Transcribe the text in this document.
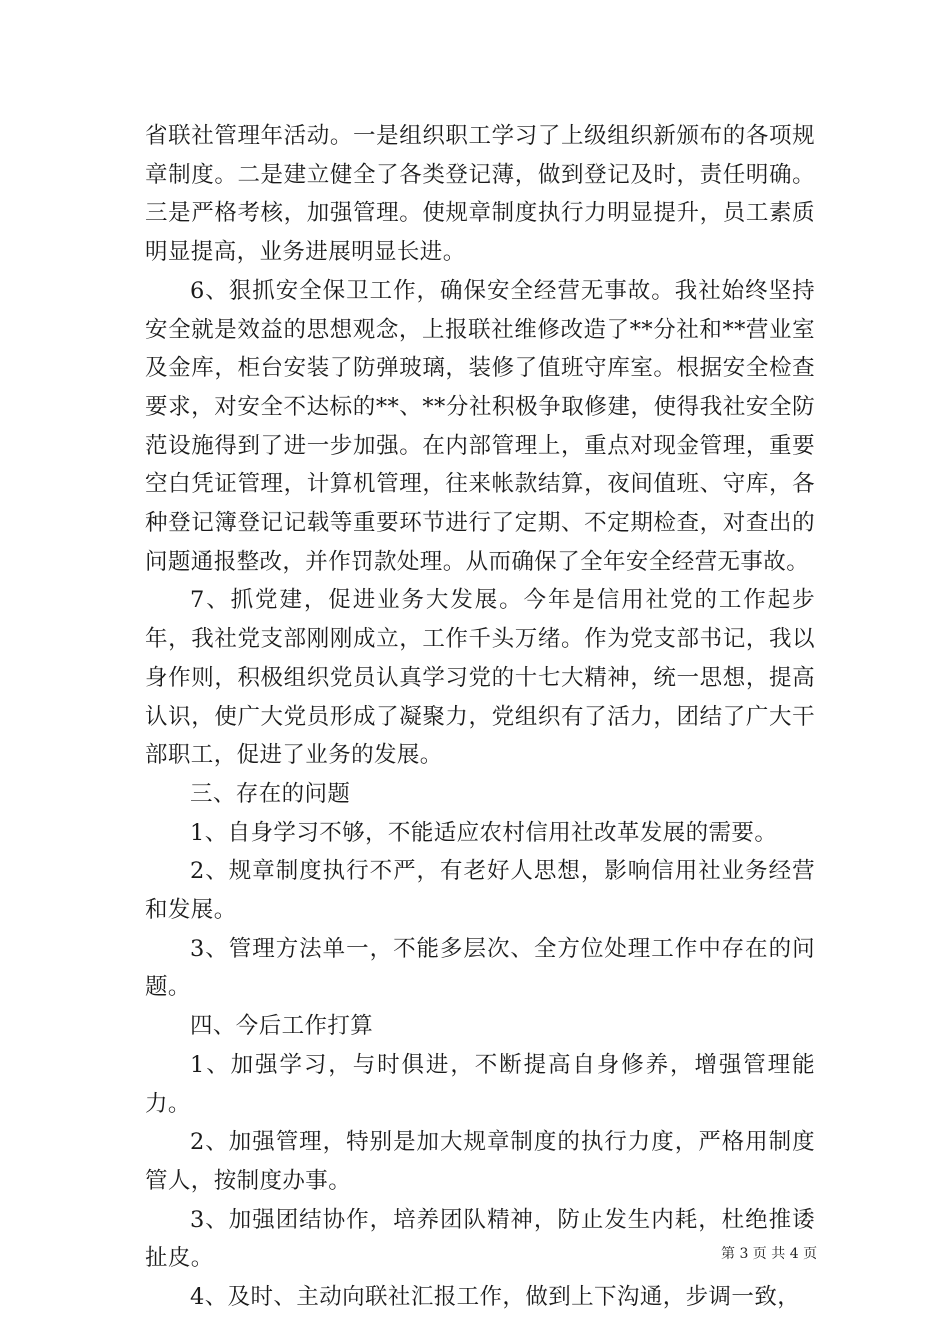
省联社管理年活动。一是组织职工学习了上级组织新颁布的各项规章制度。二是建立健全了各类登记薄，做到登记及时，责任明确。三是严格考核，加强管理。使规章制度执行力明显提升，员工素质明显提高，业务进展明显长进。

6、狠抓安全保卫工作，确保安全经营无事故。我社始终坚持安全就是效益的思想观念，上报联社维修改造了**分社和**营业室及金库，柜台安装了防弹玻璃，装修了值班守库室。根据安全检查要求，对安全不达标的**、**分社积极争取修建，使得我社安全防范设施得到了进一步加强。在内部管理上，重点对现金管理，重要空白凭证管理，计算机管理，往来帐款结算，夜间值班、守库，各种登记簿登记记载等重要环节进行了定期、不定期检查，对查出的问题通报整改，并作罚款处理。从而确保了全年安全经营无事故。

7、抓党建，促进业务大发展。今年是信用社党的工作起步年，我社党支部刚刚成立，工作千头万绪。作为党支部书记，我以身作则，积极组织党员认真学习党的十七大精神，统一思想，提高认识，使广大党员形成了凝聚力，党组织有了活力，团结了广大干部职工，促进了业务的发展。

三、存在的问题

1、自身学习不够，不能适应农村信用社改革发展的需要。

2、规章制度执行不严，有老好人思想，影响信用社业务经营和发展。

3、管理方法单一，不能多层次、全方位处理工作中存在的问题。

四、今后工作打算

1、加强学习，与时俱进，不断提高自身修养，增强管理能力。

2、加强管理，特别是加大规章制度的执行力度，严格用制度管人，按制度办事。

3、加强团结协作，培养团队精神，防止发生内耗，杜绝推诿扯皮。

4、及时、主动向联社汇报工作，做到上下沟通，步调一致，

第 3 页 共 4 页
